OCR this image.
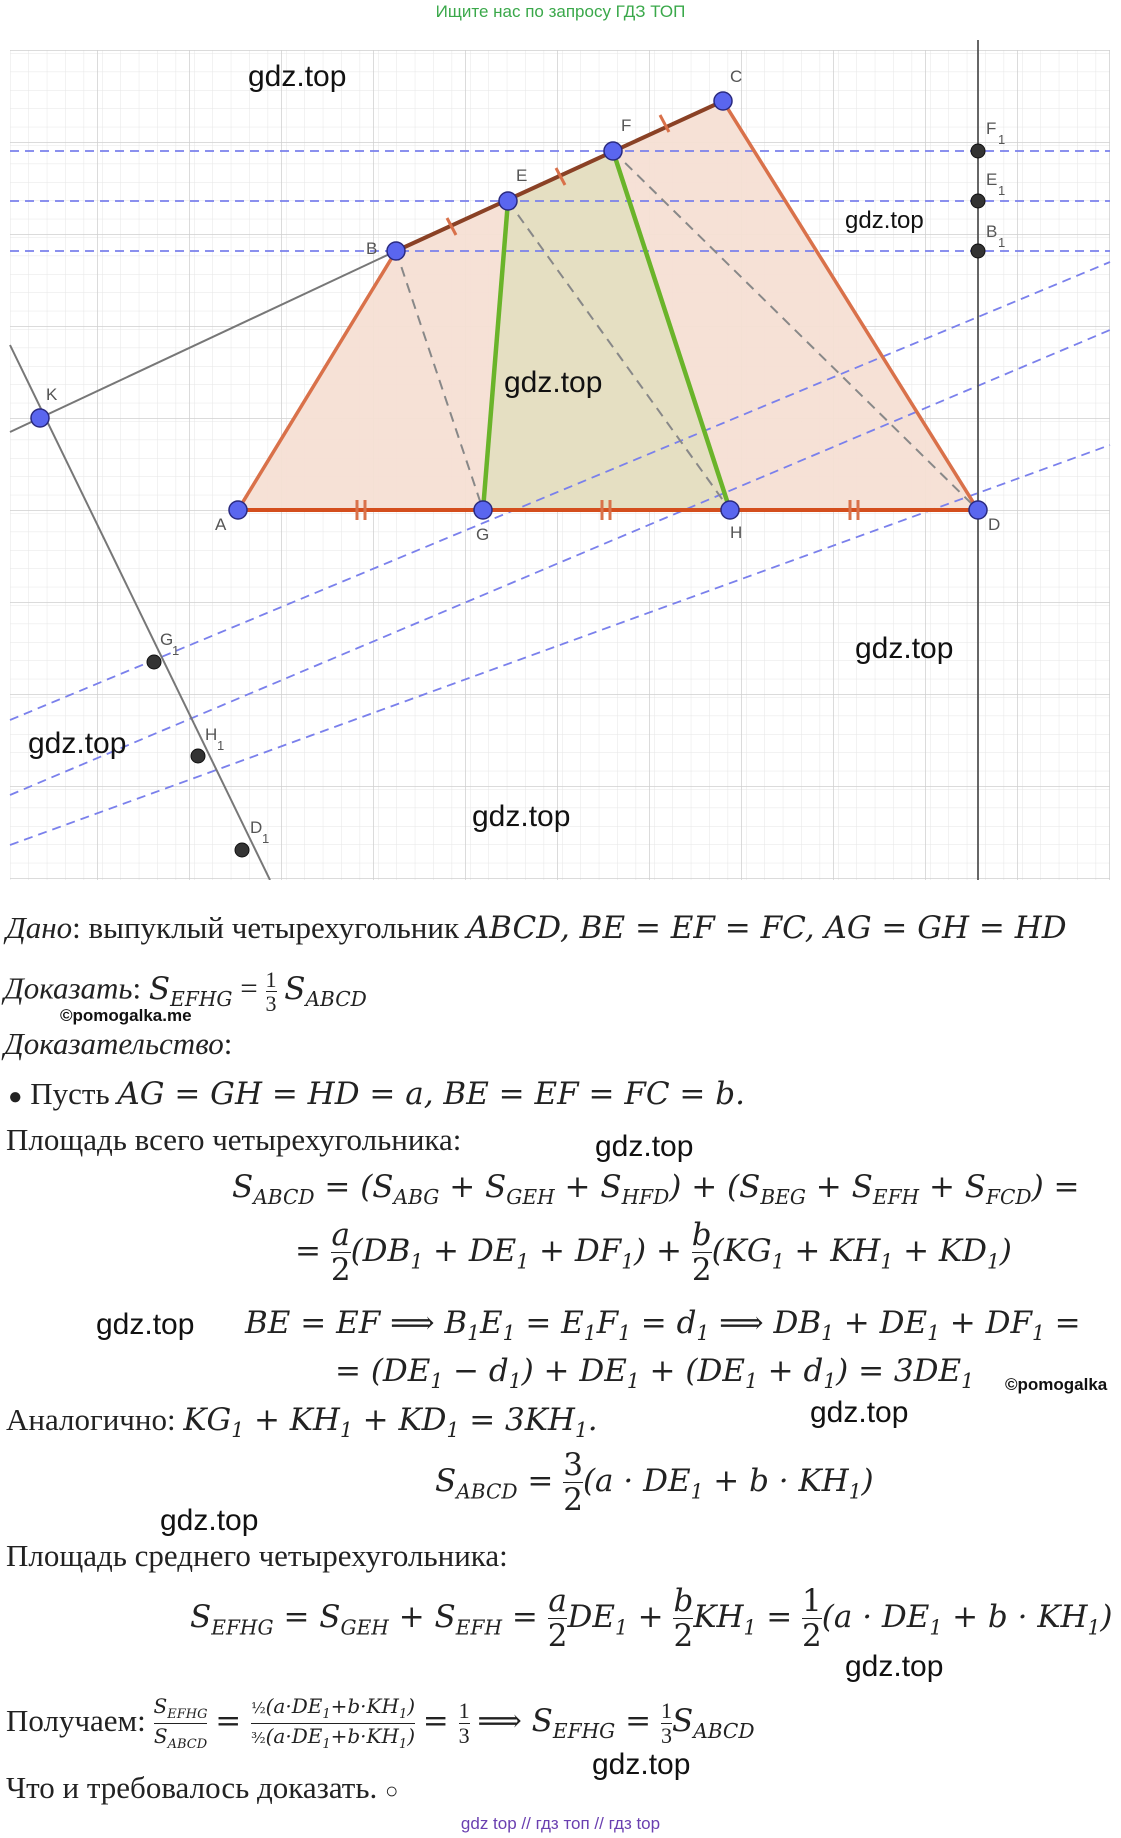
Ищите нас по запросу ГДЗ ТОП
A
B
C
D
E
F
G	H
K
F
1
E
1
B
1
G
1
H
1
D
1
gdz.top
gdz.top
gdz.top
gdz.top
gdz.top
gdz.top
Дано: выпуклый четырехугольник ABCD, BE = EF = FC, AG = GH = HD
Доказать: $S_{EFHG} = \frac{1}{3} S_{ABCD}$
©pomogalka.me
Доказательство:
● Пусть AG = GH = HD = a, BE = EF = FC = b.
Площадь всего четырехугольника:	gdz.top
$S_{ABCD} = (S_{ABG} + S_{GEH} + S_{HFD}) + (S_{BEG} + S_{EFH} + S_{FCD})$ =
= $\frac{a}{2} (DB_1 + DE_1 + DF_1) + \frac{b}{2} (KG_1 + KH_1 + KD_1)$
gdz.top BE = EF ⟹ $B_1E_1 = E_1F_1 = d_1$ ⟹ $DB_1 + DE_1 + DF_1$ =
= $(DE_1 - d_1) + DE_1 + (DE_1 + d_1) = 3DE_1$ ©pomogalka
Аналогично: $KG_1 + KH_1 + KD_1 = 3KH_1$.	gdz.top
$S_{ABCD} = \frac{3}{2} (a \cdot DE_1 + b \cdot KH_1)$
gdz.top
Площадь среднего четырехугольника:
$S_{EFHG} = S_{GEH} + S_{EFH} = \frac{a}{2} DE_1 + \frac{b}{2} KH_1 = \frac{1}{2} (a \cdot DE_1 + b \cdot KH_1)$
gdz.top
Получаем: $S_{EFHG}$
$S_{ABCD}$
= $\frac{\frac{1}{2}(a\cdot DE_1+b\cdot KH_1)}{^3⁄_2(a\cdot DE_1+b\cdot KH_1)} = \frac{1}{3}$ ⟹ $S_{EFHG} = \frac{1}{3} S_{ABCD}$
gdz.top
Что и требовалось доказать. ○
gdz top // гдз топ // гдз top
